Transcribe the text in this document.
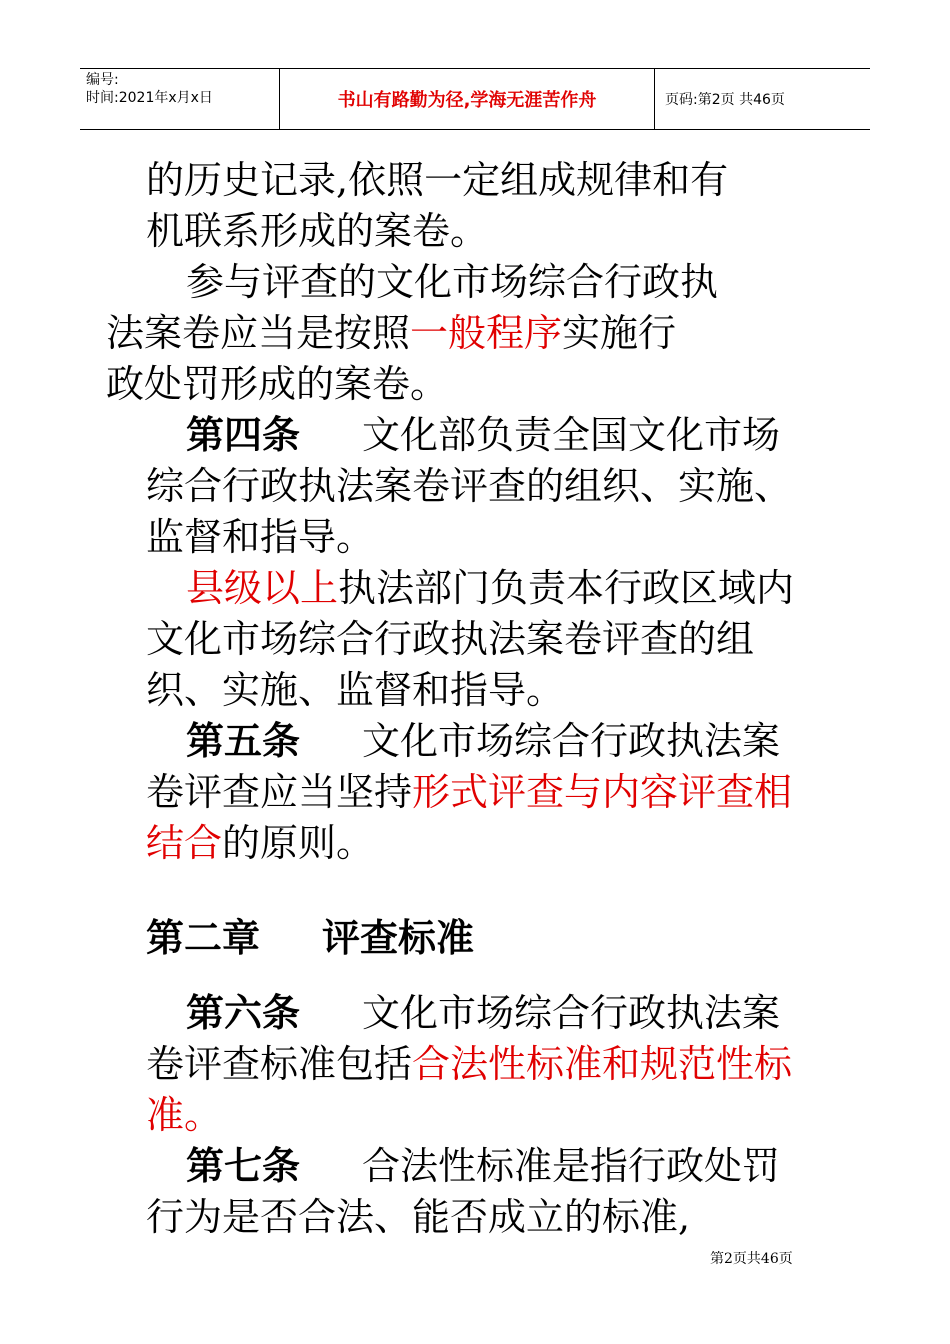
编号:
时间:2021年x月x日	书山有路勤为径,学海无涯苦作舟	页码:第2页 共46页

的历史记录,依照一定组成规律和有
机联系形成的案卷。

参与评查的文化市场综合行政执
法案卷应当是按照一般程序实施行
政处罚形成的案卷。

第四条 文化部负责全国文化市场综合行政执法案卷评查的组织、实施、监督和指导。

县级以上执法部门负责本行政区域内文化市场综合行政执法案卷评查的组织、实施、监督和指导。

第五条 文化市场综合行政执法案卷评查应当坚持形式评查与内容评查相结合的原则。

第二章 评查标准

第六条 文化市场综合行政执法案卷评查标准包括合法性标准和规范性标准。

第七条 合法性标准是指行政处罚行为是否合法、能否成立的标准,

第2页共46页
